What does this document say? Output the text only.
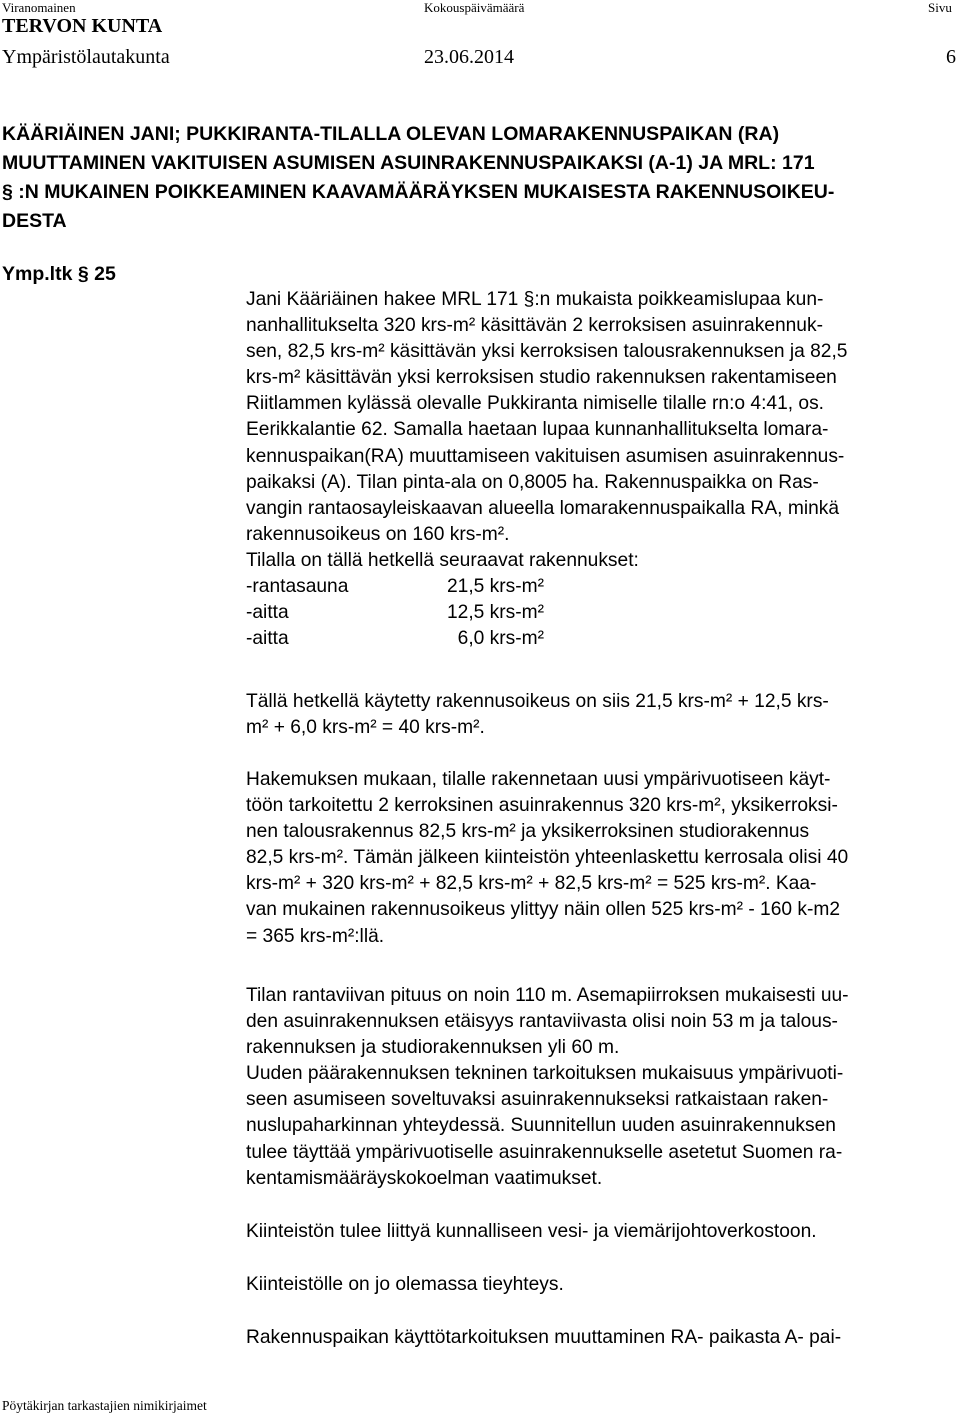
Viranomainen	Kokouspäivämäärä	Sivu
TERVON KUNTA
Ympäristölautakunta	23.06.2014	6
KÄÄRIÄINEN JANI; PUKKIRANTA-TILALLA OLEVAN LOMARAKENNUSPAIKAN (RA)
MUUTTAMINEN VAKITUISEN ASUMISEN ASUINRAKENNUSPAIKAKSI (A-1) JA MRL: 171
§ :N MUKAINEN POIKKEAMINEN KAAVAMÄÄRÄYKSEN MUKAISESTA RAKENNUSOIKEU-
DESTA
Ymp.ltk § 25
Jani Kääriäinen hakee MRL 171 §:n mukaista poikkeamislupaa kun-
nanhallitukselta 320 krs-m² käsittävän 2 kerroksisen asuinrakennuk-
sen, 82,5 krs-m² käsittävän yksi kerroksisen talousrakennuksen ja 82,5
krs-m² käsittävän yksi kerroksisen studio rakennuksen rakentamiseen
Riitlammen kylässä olevalle Pukkiranta nimiselle tilalle rn:o 4:41, os.
Eerikkalantie 62. Samalla haetaan lupaa kunnanhallitukselta lomara-
kennuspaikan(RA) muuttamiseen vakituisen asumisen asuinrakennus-
paikaksi (A). Tilan pinta-ala on 0,8005 ha. Rakennuspaikka on Ras-
vangin rantaosayleiskaavan alueella lomarakennuspaikalla RA, minkä
rakennusoikeus on 160 krs-m².
Tilalla on tällä hetkellä seuraavat rakennukset:
-rantasauna	21,5 krs-m²
-aitta	12,5 krs-m²
-aitta	6,0 krs-m²
Tällä hetkellä käytetty rakennusoikeus on siis 21,5 krs-m² + 12,5 krs-
m² + 6,0 krs-m² = 40 krs-m².
Hakemuksen mukaan, tilalle rakennetaan uusi ympärivuotiseen käyt-
töön tarkoitettu 2 kerroksinen asuinrakennus 320 krs-m², yksikerroksi-
nen talousrakennus 82,5 krs-m² ja yksikerroksinen studiorakennus
82,5 krs-m². Tämän jälkeen kiinteistön yhteenlaskettu kerrosala olisi 40
krs-m² + 320 krs-m² + 82,5 krs-m² + 82,5 krs-m² = 525 krs-m². Kaa-
van mukainen rakennusoikeus ylittyy näin ollen 525 krs-m² - 160 k-m2
= 365 krs-m²:llä.
Tilan rantaviivan pituus on noin 110 m. Asemapiirroksen mukaisesti uu-
den asuinrakennuksen etäisyys rantaviivasta olisi noin 53 m ja talous-
rakennuksen ja studiorakennuksen yli 60 m.
Uuden päärakennuksen tekninen tarkoituksen mukaisuus ympärivuoti-
seen asumiseen soveltuvaksi asuinrakennukseksi ratkaistaan raken-
nuslupaharkinnan yhteydessä. Suunnitellun uuden asuinrakennuksen
tulee täyttää ympärivuotiselle asuinrakennukselle asetetut Suomen ra-
kentamismääräyskokoelman vaatimukset.
Kiinteistön tulee liittyä kunnalliseen vesi- ja viemärijohtoverkostoon.
Kiinteistölle on jo olemassa tieyhteys.
Rakennuspaikan käyttötarkoituksen muuttaminen RA- paikasta A- pai-
Pöytäkirjan tarkastajien nimikirjaimet
